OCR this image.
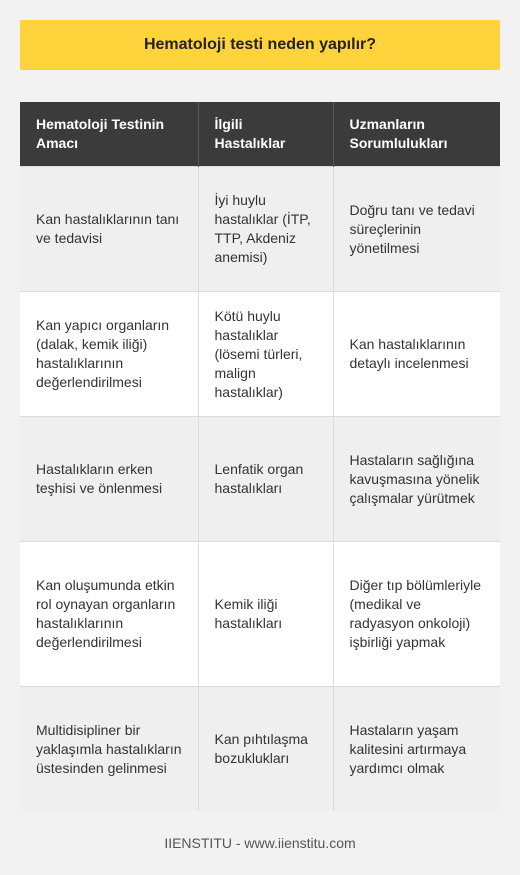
Hematoloji testi neden yapılır?
Hematoloji Testinin Amacı	İlgili Hastalıklar	Uzmanların Sorumlulukları
Kan hastalıklarının tanı ve tedavisi	İyi huylu hastalıklar (İTP, TTP, Akdeniz anemisi)	Doğru tanı ve tedavi süreçlerinin yönetilmesi
Kan yapıcı organların (dalak, kemik iliği) hastalıklarının değerlendirilmesi	Kötü huylu hastalıklar (lösemi türleri, malign hastalıklar)	Kan hastalıklarının detaylı incelenmesi
Hastalıkların erken teşhisi ve önlenmesi	Lenfatik organ hastalıkları	Hastaların sağlığına kavuşmasına yönelik çalışmalar yürütmek
Kan oluşumunda etkin rol oynayan organların hastalıklarının değerlendirilmesi	Kemik iliği hastalıkları	Diğer tıp bölümleriyle (medikal ve radyasyon onkoloji) işbirliği yapmak
Multidisipliner bir yaklaşımla hastalıkların üstesinden gelinmesi	Kan pıhtılaşma bozuklukları	Hastaların yaşam kalitesini artırmaya yardımcı olmak
IIENSTITU - www.iienstitu.com
